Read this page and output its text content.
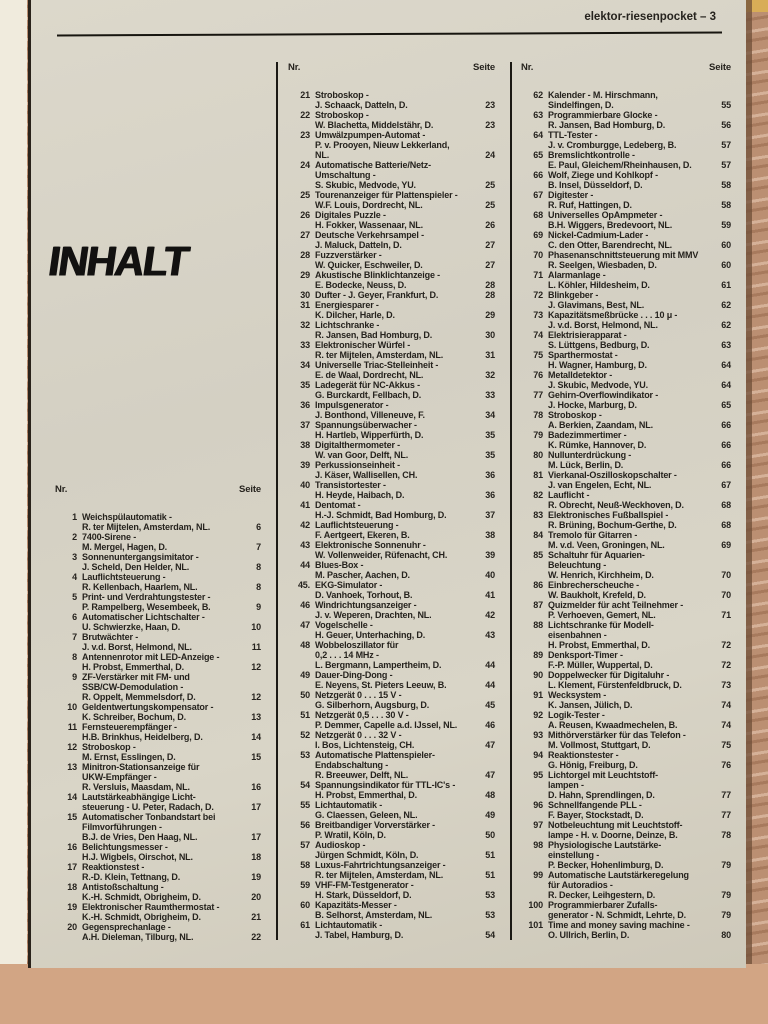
elektor-riesenpocket – 3
INHALT
Nr.	Seite
1 Weichspülautomatik -
R. ter Mijtelen, Amsterdam, NL.	6
2 7400-Sirene -
M. Mergel, Hagen, D.	7
3 Sonnenuntergangsimitator -
J. Scheld, Den Helder, NL.	8
4 Lauflichtsteuerung -
R. Kellenbach, Haarlem, NL.	8
5 Print- und Verdrahtungstester -
P. Rampelberg, Wesembeek, B.	9
6 Automatischer Lichtschalter -
U. Schwierzke, Haan, D.	10
7 Brutwächter -
J. v.d. Borst, Helmond, NL.	11
8 Antennenrotor mit LED-Anzeige -
H. Probst, Emmerthal, D.	12
9 ZF-Verstärker mit FM- und
SSB/CW-Demodulation -
R. Oppelt, Memmelsdorf, D.	12
10 Geldentwertungskompensator -
K. Schreiber, Bochum, D.	13
11 Fernsteuerempfänger -
H.B. Brinkhus, Heidelberg, D.	14
12 Stroboskop -
M. Ernst, Esslingen, D.	15
13 Minitron-Stationsanzeige für
UKW-Empfänger -
R. Versluis, Maasdam, NL.	16
14 Lautstärkeabhängige Licht-
steuerung - U. Peter, Radach, D.	17
15 Automatischer Tonbandstart bei
Filmvorführungen -
B.J. de Vries, Den Haag, NL.	17
16 Belichtungsmesser -
H.J. Wigbels, Oirschot, NL.	18
17 Reaktionstest -
R.-D. Klein, Tettnang, D.	19
18 Antistoßschaltung -
K.-H. Schmidt, Obrigheim, D.	20
19 Elektronischer Raumthermostat -
K.-H. Schmidt, Obrigheim, D.	21
20 Gegensprechanlage -
A.H. Dieleman, Tilburg, NL.	22
Nr.	Seite
21 Stroboskop -
J. Schaack, Datteln, D.	23
22 Stroboskop -
W. Blachetta, Middelstähr, D.	23
23 Umwälzpumpen-Automat -
P. v. Prooyen, Nieuw Lekkerland,
NL.	24
24 Automatische Batterie/Netz-
Umschaltung -
S. Skubic, Medvode, YU.	25
25 Tourenanzeiger für Plattenspieler -
W.F. Louis, Dordrecht, NL.	25
26 Digitales Puzzle -
H. Fokker, Wassenaar, NL.	26
27 Deutsche Verkehrsampel -
J. Maluck, Datteln, D.	27
28 Fuzzverstärker -
W. Quicker, Eschweiler, D.	27
29 Akustische Blinklichtanzeige -
E. Bodecke, Neuss, D.	28
30 Dufter - J. Geyer, Frankfurt, D.	28
31 Energiesparer -
K. Dilcher, Harle, D.	29
32 Lichtschranke -
R. Jansen, Bad Homburg, D.	30
33 Elektronischer Würfel -
R. ter Mijtelen, Amsterdam, NL.	31
34 Universelle Triac-Stelleinheit -
E. de Waal, Dordrecht, NL.	32
35 Ladegerät für NC-Akkus -
G. Burckardt, Fellbach, D.	33
36 Impulsgenerator -
J. Bonthond, Villeneuve, F.	34
37 Spannungsüberwacher -
H. Hartleb, Wipperfürth, D.	35
38 Digitalthermometer -
W. van Goor, Delft, NL.	35
39 Perkussionseinheit -
J. Käser, Wallisellen, CH.	36
40 Transistortester -
H. Heyde, Haibach, D.	36
41 Dentomat -
H.-J. Schmidt, Bad Homburg, D.	37
42 Lauflichtsteuerung -
F. Aertgeert, Ekeren, B.	38
43 Elektronische Sonnenuhr -
W. Vollenweider, Rüfenacht, CH.	39
44 Blues-Box -
M. Pascher, Aachen, D.	40
45. EKG-Simulator -
D. Vanhoek, Torhout, B.	41
46 Windrichtungsanzeiger -
J. v. Weperen, Drachten, NL.	42
47 Vogelschelle -
H. Geuer, Unterhaching, D.	43
48 Wobbeloszillator für
0,2 . . . 14 MHz -
L. Bergmann, Lampertheim, D.	44
49 Dauer-Ding-Dong -
E. Neyens, St. Pieters Leeuw, B.	44
50 Netzgerät 0 . . . 15 V -
G. Silberhorn, Augsburg, D.	45
51 Netzgerät 0,5 . . . 30 V -
P. Demmer, Capelle a.d. IJssel, NL.	46
52 Netzgerät 0 . . . 32 V -
I. Bos, Lichtensteig, CH.	47
53 Automatische Plattenspieler-
Endabschaltung -
R. Breeuwer, Delft, NL.	47
54 Spannungsindikator für TTL-IC's -
H. Probst, Emmerthal, D.	48
55 Lichtautomatik -
G. Claessen, Geleen, NL.	49
56 Breitbandiger Vorverstärker -
P. Wratil, Köln, D.	50
57 Audioskop -
Jürgen Schmidt, Köln, D.	51
58 Luxus-Fahrtrichtungsanzeiger -
R. ter Mijtelen, Amsterdam, NL.	51
59 VHF-FM-Testgenerator -
H. Stark, Düsseldorf, D.	53
60 Kapazitäts-Messer -
B. Selhorst, Amsterdam, NL.	53
61 Lichtautomatik -
J. Tabel, Hamburg, D.	54
Nr.	Seite
62 Kalender - M. Hirschmann,
Sindelfingen, D.	55
63 Programmierbare Glocke -
R. Jansen, Bad Homburg, D.	56
64 TTL-Tester -
J. v. Cromburgge, Ledeberg, B.	57
65 Bremslichtkontrolle -
E. Paul, Gleichem/Rheinhausen, D.	57
66 Wolf, Ziege und Kohlkopf -
B. Insel, Düsseldorf, D.	58
67 Digitester -
R. Ruf, Hattingen, D.	58
68 Universelles OpAmpmeter -
B.H. Wiggers, Bredevoort, NL.	59
69 Nickel-Cadmium-Lader -
C. den Otter, Barendrecht, NL.	60
70 Phasenanschnittsteuerung mit MMV
R. Seelgen, Wiesbaden, D.	60
71 Alarmanlage -
L. Köhler, Hildesheim, D.	61
72 Blinkgeber -
J. Glavimans, Best, NL.	62
73 Kapazitätsmeßbrücke . . . 10 μ -
J. v.d. Borst, Helmond, NL.	62
74 Elektrisierapparat -
S. Lüttgens, Bedburg, D.	63
75 Sparthermostat -
H. Wagner, Hamburg, D.	64
76 Metalldetektor -
J. Skubic, Medvode, YU.	64
77 Gehirn-Overflowindikator -
J. Hocke, Marburg, D.	65
78 Stroboskop -
A. Berkien, Zaandam, NL.	66
79 Badezimmertimer -
K. Rümke, Hannover, D.	66
80 Nullunterdrückung -
M. Lück, Berlin, D.	66
81 Vierkanal-Oszilloskopschalter -
J. van Engelen, Echt, NL.	67
82 Lauflicht -
R. Obrecht, Neuß-Weckhoven, D.	68
83 Elektronisches Fußballspiel -
R. Brüning, Bochum-Gerthe, D.	68
84 Tremolo für Gitarren -
M. v.d. Veen, Groningen, NL.	69
85 Schaltuhr für Aquarien-
Beleuchtung -
W. Henrich, Kirchheim, D.	70
86 Einbrecherscheuche -
W. Baukholt, Krefeld, D.	70
87 Quizmelder für acht Teilnehmer -
P. Verhoeven, Gemert, NL.	71
88 Lichtschranke für Modell-
eisenbahnen -
H. Probst, Emmerthal, D.	72
89 Denksport-Timer -
F.-P. Müller, Wuppertal, D.	72
90 Doppelwecker für Digitaluhr -
L. Klement, Fürstenfeldbruck, D.	73
91 Wecksystem -
K. Jansen, Jülich, D.	74
92 Logik-Tester -
A. Reusen, Kwaadmechelen, B.	74
93 Mithörverstärker für das Telefon -
M. Vollmost, Stuttgart, D.	75
94 Reaktionstester -
G. Hönig, Freiburg, D.	76
95 Lichtorgel mit Leuchtstoff-
lampen -
D. Hahn, Sprendlingen, D.	77
96 Schnellfangende PLL -
F. Bayer, Stockstadt, D.	77
97 Notbeleuchtung mit Leuchtstoff-
lampe - H. v. Doorne, Deinze, B.	78
98 Physiologische Lautstärke-
einstellung -
P. Becker, Hohenlimburg, D.	79
99 Automatische Lautstärkeregelung
für Autoradios -
R. Decker, Leihgestern, D.	79
100 Programmierbarer Zufalls-
generator - N. Schmidt, Lehrte, D.	79
101 Time and money saving machine -
O. Ullrich, Berlin, D.	80
